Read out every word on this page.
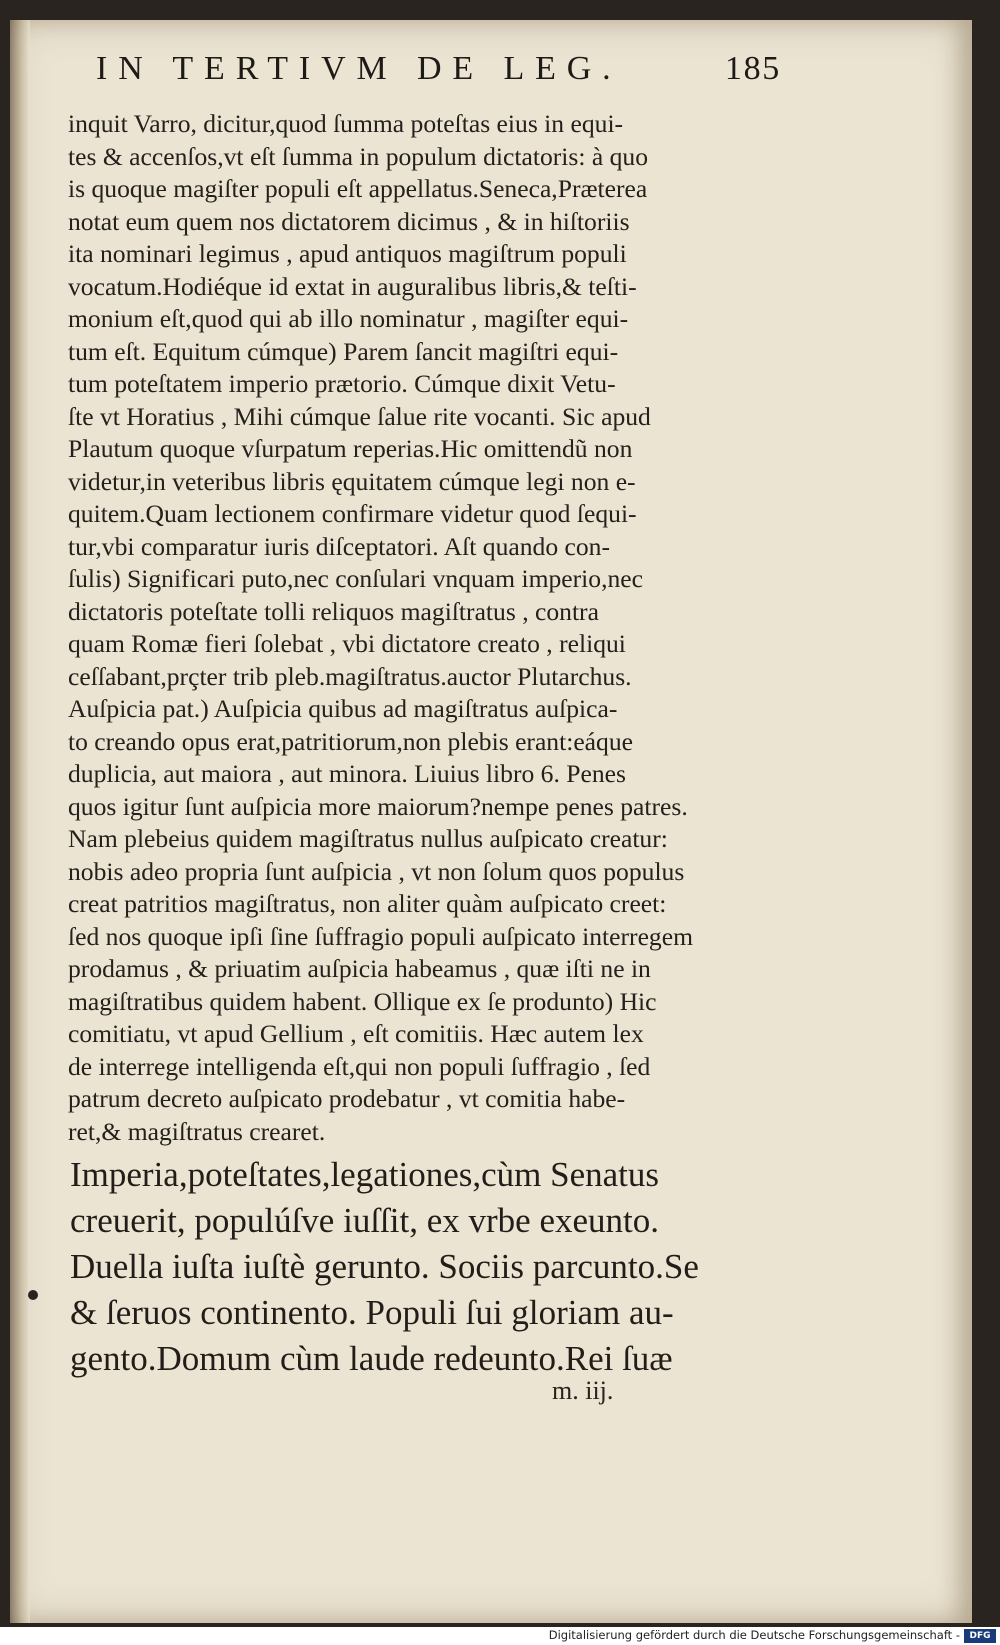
IN TERTIVM DE LEG.	185
inquit Varro, dicitur,quod ſumma poteſtas eius in equi-
tes & accenſos,vt eſt ſumma in populum dictatoris: à quo
is quoque magiſter populi eſt appellatus.Seneca,Præterea
notat eum quem nos dictatorem dicimus , & in hiſtoriis
ita nominari legimus , apud antiquos magiſtrum populi
vocatum.Hodiéque id extat in auguralibus libris,& teſti-
monium eſt,quod qui ab illo nominatur , magiſter equi-
tum eſt. Equitum cúmque) Parem ſancit magiſtri equi-
tum poteſtatem imperio prætorio. Cúmque dixit Vetu-
ſte vt Horatius , Mihi cúmque ſalue rite vocanti. Sic apud
Plautum quoque vſurpatum reperias.Hic omittendũ non
videtur,in veteribus libris ęquitatem cúmque legi non e-
quitem.Quam lectionem confirmare videtur quod ſequi-
tur,vbi comparatur iuris diſceptatori. Aſt quando con-
ſulis) Significari puto,nec conſulari vnquam imperio,nec
dictatoris poteſtate tolli reliquos magiſtratus , contra
quam Romæ fieri ſolebat , vbi dictatore creato , reliqui
ceſſabant,prçter trib pleb.magiſtratus.auctor Plutarchus.
Auſpicia pat.) Auſpicia quibus ad magiſtratus auſpica-
to creando opus erat,patritiorum,non plebis erant:eáque
duplicia, aut maiora , aut minora. Liuius libro 6. Penes
quos igitur ſunt auſpicia more maiorum?nempe penes patres.
Nam plebeius quidem magiſtratus nullus auſpicato creatur:
nobis adeo propria ſunt auſpicia , vt non ſolum quos populus
creat patritios magiſtratus, non aliter quàm auſpicato creet:
ſed nos quoque ipſi ſine ſuffragio populi auſpicato interregem
prodamus , & priuatim auſpicia habeamus , quæ iſti ne in
magiſtratibus quidem habent. Ollique ex ſe produnto) Hic
comitiatu, vt apud Gellium , eſt comitiis. Hæc autem lex
de interrege intelligenda eſt,qui non populi ſuffragio , ſed
patrum decreto auſpicato prodebatur , vt comitia habe-
ret,& magiſtratus crearet.
Imperia,poteſtates,legationes,cùm Senatus
creuerit, populúſve iuſſit, ex vrbe exeunto.
Duella iuſta iuſtè gerunto. Sociis parcunto.Se
& ſeruos continento. Populi ſui gloriam au-
gento.Domum cùm laude redeunto.Rei ſuæ
m. iij.
Digitalisierung gefördert durch die Deutsche Forschungsgemeinschaft -	DFG
